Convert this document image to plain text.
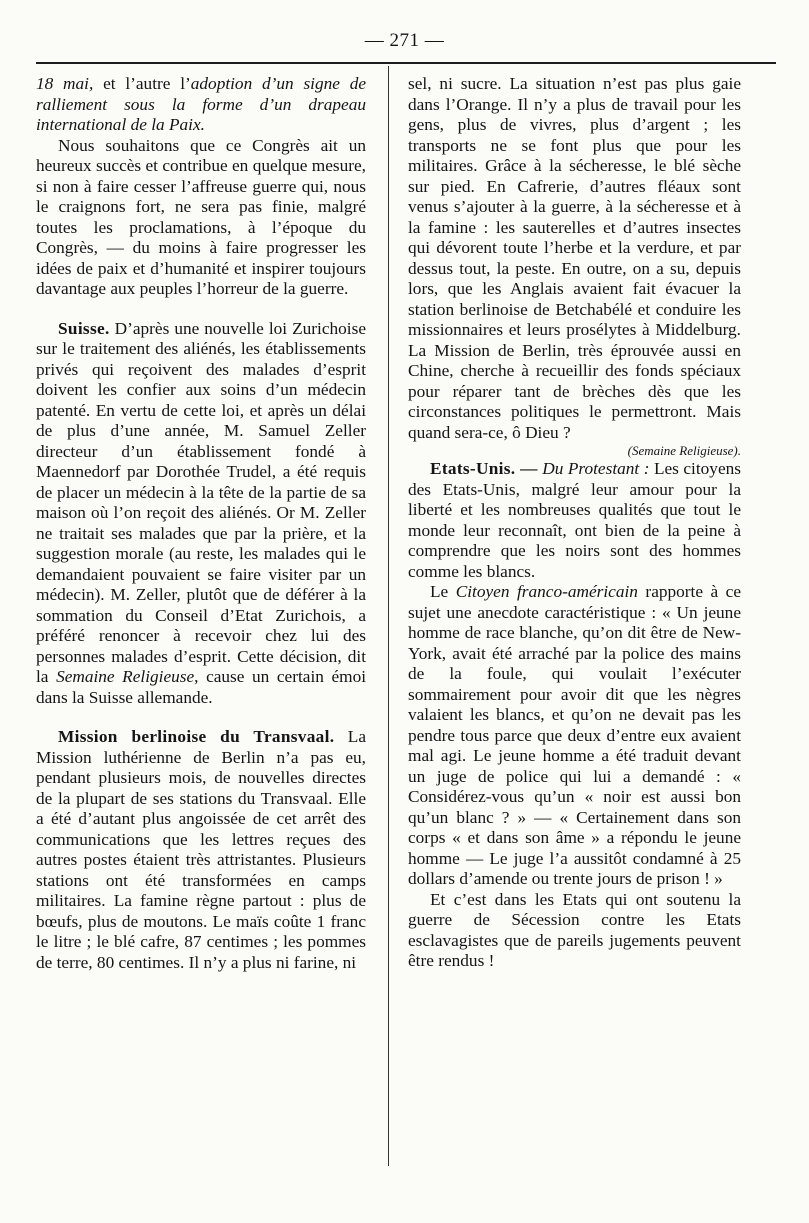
— 271 —

18 mai, et l’autre l’adoption d’un signe de ralliement sous la forme d’un drapeau international de la Paix.

Nous souhaitons que ce Congrès ait un heureux succès et contribue en quelque mesure, si non à faire cesser l’affreuse guerre qui, nous le craignons fort, ne sera pas finie, malgré toutes les proclamations, à l’époque du Congrès, — du moins à faire progresser les idées de paix et d’humanité et inspirer toujours davantage aux peuples l’horreur de la guerre.

Suisse. D’après une nouvelle loi Zurichoise sur le traitement des aliénés, les établissements privés qui reçoivent des malades d’esprit doivent les confier aux soins d’un médecin patenté. En vertu de cette loi, et après un délai de plus d’une année, M. Samuel Zeller directeur d’un établissement fondé à Maennedorf par Dorothée Trudel, a été requis de placer un médecin à la tête de la partie de sa maison où l’on reçoit des aliénés. Or M. Zeller ne traitait ses malades que par la prière, et la suggestion morale (au reste, les malades qui le demandaient pouvaient se faire visiter par un médecin). M. Zeller, plutôt que de déférer à la sommation du Conseil d’Etat Zurichois, a préféré renoncer à recevoir chez lui des personnes malades d’esprit. Cette décision, dit la Semaine Religieuse, cause un certain émoi dans la Suisse allemande.

Mission berlinoise du Transvaal. La Mission luthérienne de Berlin n’a pas eu, pendant plusieurs mois, de nouvelles directes de la plupart de ses stations du Transvaal. Elle a été d’autant plus angoissée de cet arrêt des communications que les lettres reçues des autres postes étaient très attristantes. Plusieurs stations ont été transformées en camps militaires. La famine règne partout : plus de bœufs, plus de moutons. Le maïs coûte 1 franc le litre ; le blé cafre, 87 centimes ; les pommes de terre, 80 centimes. Il n’y a plus ni farine, ni

sel, ni sucre. La situation n’est pas plus gaie dans l’Orange. Il n’y a plus de travail pour les gens, plus de vivres, plus d’argent ; les transports ne se font plus que pour les militaires. Grâce à la sécheresse, le blé sèche sur pied. En Cafrerie, d’autres fléaux sont venus s’ajouter à la guerre, à la sécheresse et à la famine : les sauterelles et d’autres insectes qui dévorent toute l’herbe et la verdure, et par dessus tout, la peste. En outre, on a su, depuis lors, que les Anglais avaient fait évacuer la station berlinoise de Betchabélé et conduire les missionnaires et leurs prosélytes à Middelburg. La Mission de Berlin, très éprouvée aussi en Chine, cherche à recueillir des fonds spéciaux pour réparer tant de brèches dès que les circonstances politiques le permettront. Mais quand sera-ce, ô Dieu ?

(Semaine Religieuse).

Etats-Unis. — Du Protestant : Les citoyens des Etats-Unis, malgré leur amour pour la liberté et les nombreuses qualités que tout le monde leur reconnaît, ont bien de la peine à comprendre que les noirs sont des hommes comme les blancs.

Le Citoyen franco-américain rapporte à ce sujet une anecdote caractéristique : « Un jeune homme de race blanche, qu’on dit être de New-York, avait été arraché par la police des mains de la foule, qui voulait l’exécuter sommairement pour avoir dit que les nègres valaient les blancs, et qu’on ne devait pas les pendre tous parce que deux d’entre eux avaient mal agi. Le jeune homme a été traduit devant un juge de police qui lui a demandé : « Considérez-vous qu’un « noir est aussi bon qu’un blanc ? » — « Certainement dans son corps « et dans son âme » a répondu le jeune homme — Le juge l’a aussitôt condamné à 25 dollars d’amende ou trente jours de prison ! »

Et c’est dans les Etats qui ont soutenu la guerre de Sécession contre les Etats esclavagistes que de pareils jugements peuvent être rendus !
